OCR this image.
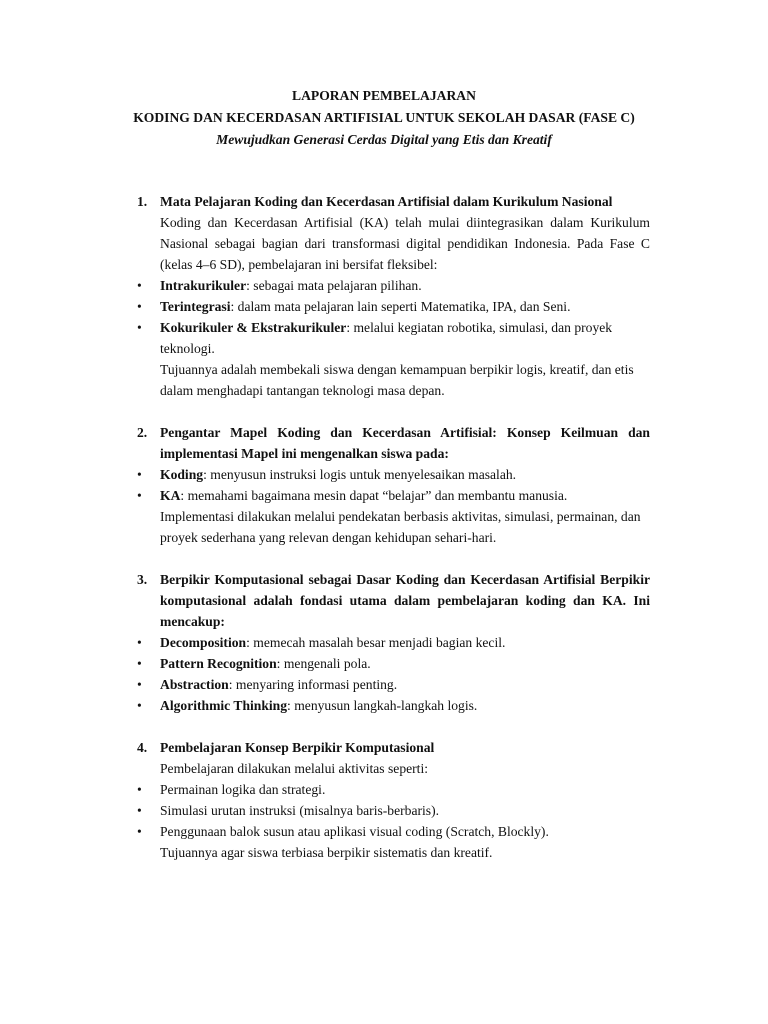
LAPORAN PEMBELAJARAN
KODING DAN KECERDASAN ARTIFISIAL UNTUK SEKOLAH DASAR (FASE C)
Mewujudkan Generasi Cerdas Digital yang Etis dan Kreatif
1. Mata Pelajaran Koding dan Kecerdasan Artifisial dalam Kurikulum Nasional
Koding dan Kecerdasan Artifisial (KA) telah mulai diintegrasikan dalam Kurikulum Nasional sebagai bagian dari transformasi digital pendidikan Indonesia. Pada Fase C (kelas 4–6 SD), pembelajaran ini bersifat fleksibel:
• Intrakurikuler: sebagai mata pelajaran pilihan.
• Terintegrasi: dalam mata pelajaran lain seperti Matematika, IPA, dan Seni.
• Kokurikuler & Ekstrakurikuler: melalui kegiatan robotika, simulasi, dan proyek teknologi.
Tujuannya adalah membekali siswa dengan kemampuan berpikir logis, kreatif, dan etis dalam menghadapi tantangan teknologi masa depan.
2. Pengantar Mapel Koding dan Kecerdasan Artifisial: Konsep Keilmuan dan implementasi Mapel ini mengenalkan siswa pada:
• Koding: menyusun instruksi logis untuk menyelesaikan masalah.
• KA: memahami bagaimana mesin dapat “belajar” dan membantu manusia.
Implementasi dilakukan melalui pendekatan berbasis aktivitas, simulasi, permainan, dan proyek sederhana yang relevan dengan kehidupan sehari-hari.
3. Berpikir Komputasional sebagai Dasar Koding dan Kecerdasan Artifisial Berpikir komputasional adalah fondasi utama dalam pembelajaran koding dan KA. Ini mencakup:
• Decomposition: memecah masalah besar menjadi bagian kecil.
• Pattern Recognition: mengenali pola.
• Abstraction: menyaring informasi penting.
• Algorithmic Thinking: menyusun langkah-langkah logis.
4. Pembelajaran Konsep Berpikir Komputasional
Pembelajaran dilakukan melalui aktivitas seperti:
• Permainan logika dan strategi.
• Simulasi urutan instruksi (misalnya baris-berbaris).
• Penggunaan balok susun atau aplikasi visual coding (Scratch, Blockly).
Tujuannya agar siswa terbiasa berpikir sistematis dan kreatif.
